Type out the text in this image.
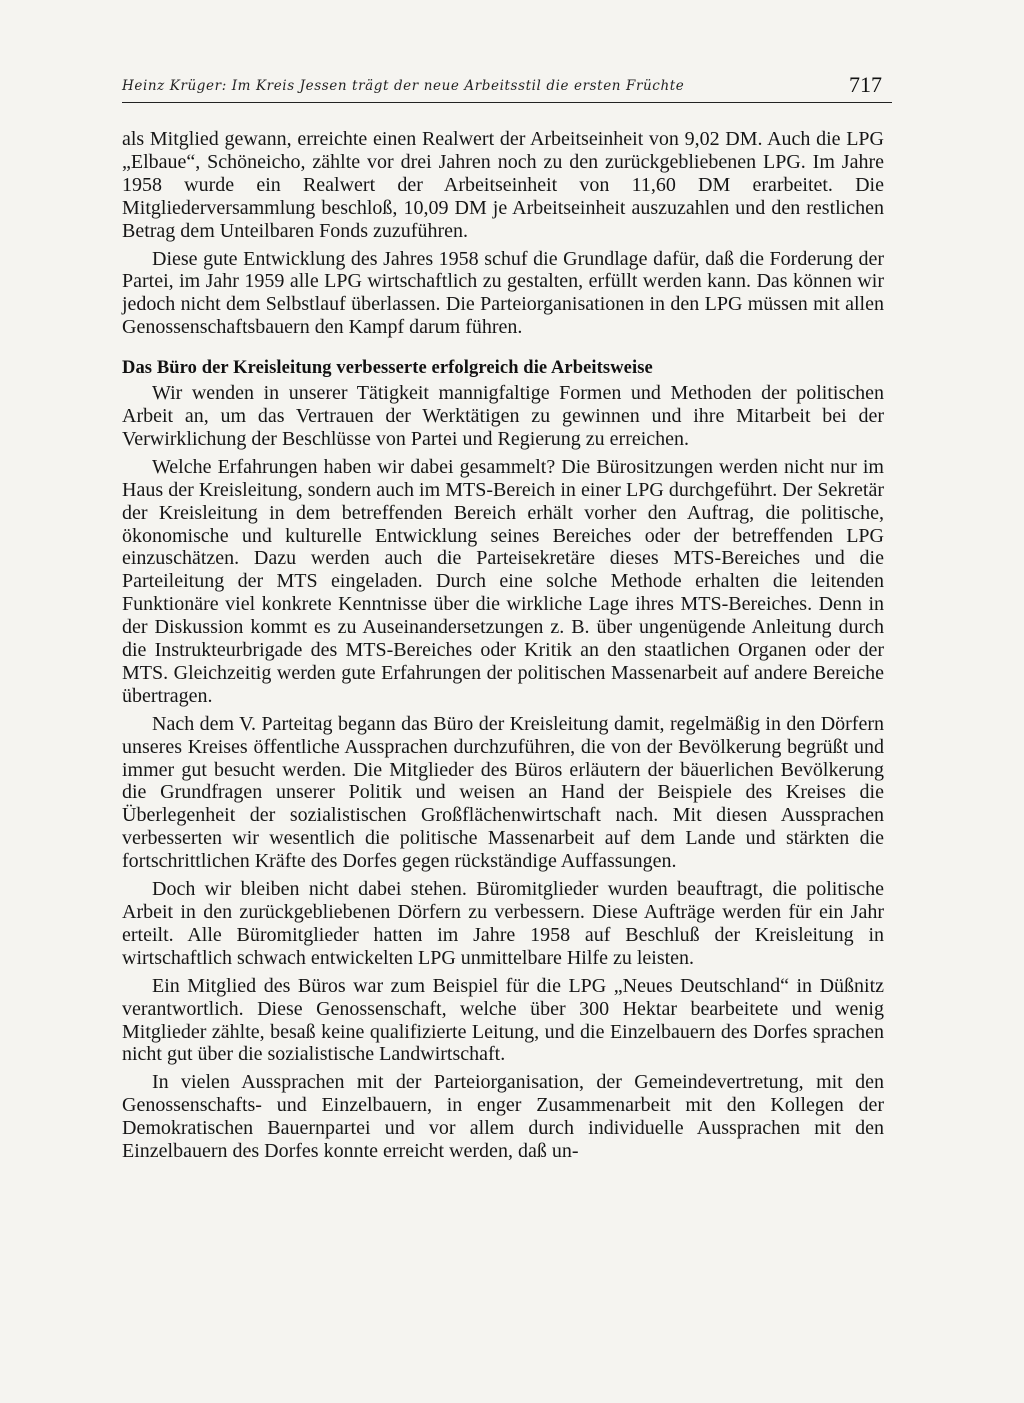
Heinz Krüger: Im Kreis Jessen trägt der neue Arbeitsstil die ersten Früchte	717

als Mitglied gewann, erreichte einen Realwert der Arbeitseinheit von 9,02 DM. Auch die LPG „Elbaue“, Schöneicho, zählte vor drei Jahren noch zu den zurückgebliebenen LPG. Im Jahre 1958 wurde ein Realwert der Arbeitseinheit von 11,60 DM erarbeitet. Die Mitgliederversammlung beschloß, 10,09 DM je Arbeitseinheit auszuzahlen und den restlichen Betrag dem Unteilbaren Fonds zuzuführen.

Diese gute Entwicklung des Jahres 1958 schuf die Grundlage dafür, daß die Forderung der Partei, im Jahr 1959 alle LPG wirtschaftlich zu gestalten, erfüllt werden kann. Das können wir jedoch nicht dem Selbstlauf überlassen. Die Parteiorganisationen in den LPG müssen mit allen Genossenschaftsbauern den Kampf darum führen.

Das Büro der Kreisleitung verbesserte erfolgreich die Arbeitsweise

Wir wenden in unserer Tätigkeit mannigfaltige Formen und Methoden der politischen Arbeit an, um das Vertrauen der Werktätigen zu gewinnen und ihre Mitarbeit bei der Verwirklichung der Beschlüsse von Partei und Regierung zu erreichen.

Welche Erfahrungen haben wir dabei gesammelt? Die Bürositzungen werden nicht nur im Haus der Kreisleitung, sondern auch im MTS-Bereich in einer LPG durchgeführt. Der Sekretär der Kreisleitung in dem betreffenden Bereich erhält vorher den Auftrag, die politische, ökonomische und kulturelle Entwicklung seines Bereiches oder der betreffenden LPG einzuschätzen. Dazu werden auch die Parteisekretäre dieses MTS-Bereiches und die Parteileitung der MTS eingeladen. Durch eine solche Methode erhalten die leitenden Funktionäre viel konkrete Kenntnisse über die wirkliche Lage ihres MTS-Bereiches. Denn in der Diskussion kommt es zu Auseinandersetzungen z. B. über ungenügende Anleitung durch die Instrukteurbrigade des MTS-Bereiches oder Kritik an den staatlichen Organen oder der MTS. Gleichzeitig werden gute Erfahrungen der politischen Massenarbeit auf andere Bereiche übertragen.

Nach dem V. Parteitag begann das Büro der Kreisleitung damit, regelmäßig in den Dörfern unseres Kreises öffentliche Aussprachen durchzuführen, die von der Bevölkerung begrüßt und immer gut besucht werden. Die Mitglieder des Büros erläutern der bäuerlichen Bevölkerung die Grundfragen unserer Politik und weisen an Hand der Beispiele des Kreises die Überlegenheit der sozialistischen Großflächenwirtschaft nach. Mit diesen Aussprachen verbesserten wir wesentlich die politische Massenarbeit auf dem Lande und stärkten die fortschrittlichen Kräfte des Dorfes gegen rückständige Auffassungen.

Doch wir bleiben nicht dabei stehen. Büromitglieder wurden beauftragt, die politische Arbeit in den zurückgebliebenen Dörfern zu verbessern. Diese Aufträge werden für ein Jahr erteilt. Alle Büromitglieder hatten im Jahre 1958 auf Beschluß der Kreisleitung in wirtschaftlich schwach entwickelten LPG unmittelbare Hilfe zu leisten.

Ein Mitglied des Büros war zum Beispiel für die LPG „Neues Deutschland“ in Düßnitz verantwortlich. Diese Genossenschaft, welche über 300 Hektar bearbeitete und wenig Mitglieder zählte, besaß keine qualifizierte Leitung, und die Einzelbauern des Dorfes sprachen nicht gut über die sozialistische Landwirtschaft.

In vielen Aussprachen mit der Parteiorganisation, der Gemeindevertretung, mit den Genossenschafts- und Einzelbauern, in enger Zusammenarbeit mit den Kollegen der Demokratischen Bauernpartei und vor allem durch individuelle Aussprachen mit den Einzelbauern des Dorfes konnte erreicht werden, daß un-
